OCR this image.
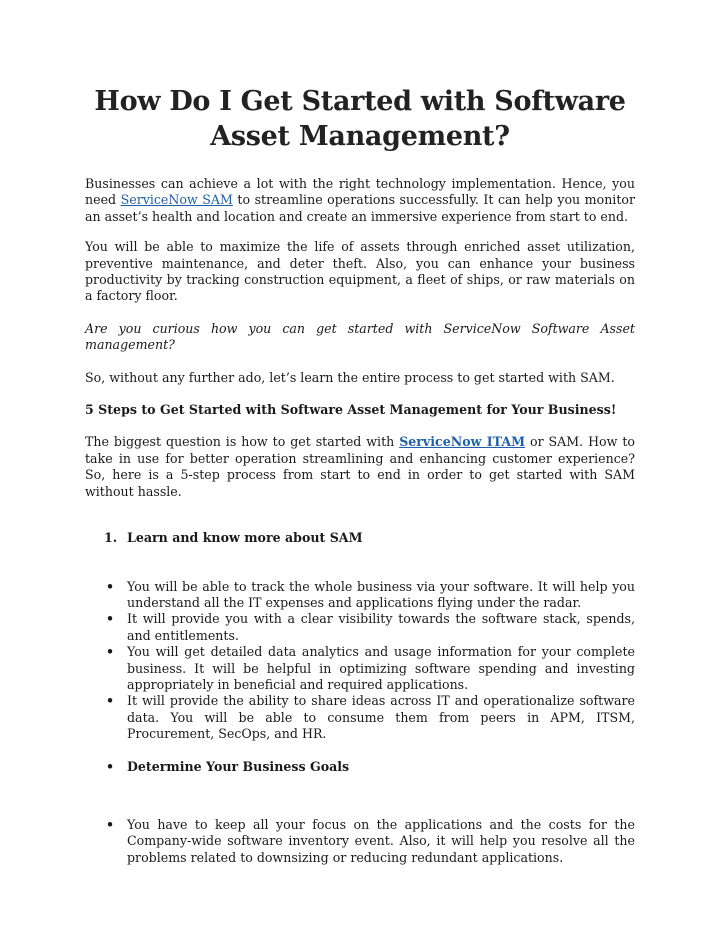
How Do I Get Started with Software Asset Management?

Businesses can achieve a lot with the right technology implementation. Hence, you need ServiceNow SAM to streamline operations successfully. It can help you monitor an asset’s health and location and create an immersive experience from start to end.

You will be able to maximize the life of assets through enriched asset utilization, preventive maintenance, and deter theft. Also, you can enhance your business productivity by tracking construction equipment, a fleet of ships, or raw materials on a factory floor.

Are you curious how you can get started with ServiceNow Software Asset management?

So, without any further ado, let’s learn the entire process to get started with SAM.

5 Steps to Get Started with Software Asset Management for Your Business!

The biggest question is how to get started with ServiceNow ITAM or SAM. How to take in use for better operation streamlining and enhancing customer experience? So, here is a 5-step process from start to end in order to get started with SAM without hassle.

1. Learn and know more about SAM
• You will be able to track the whole business via your software. It will help you understand all the IT expenses and applications flying under the radar.
• It will provide you with a clear visibility towards the software stack, spends, and entitlements.
• You will get detailed data analytics and usage information for your complete business. It will be helpful in optimizing software spending and investing appropriately in beneficial and required applications.
• It will provide the ability to share ideas across IT and operationalize software data. You will be able to consume them from peers in APM, ITSM, Procurement, SecOps, and HR.
• Determine Your Business Goals
• You have to keep all your focus on the applications and the costs for the Company-wide software inventory event. Also, it will help you resolve all the problems related to downsizing or reducing redundant applications.
